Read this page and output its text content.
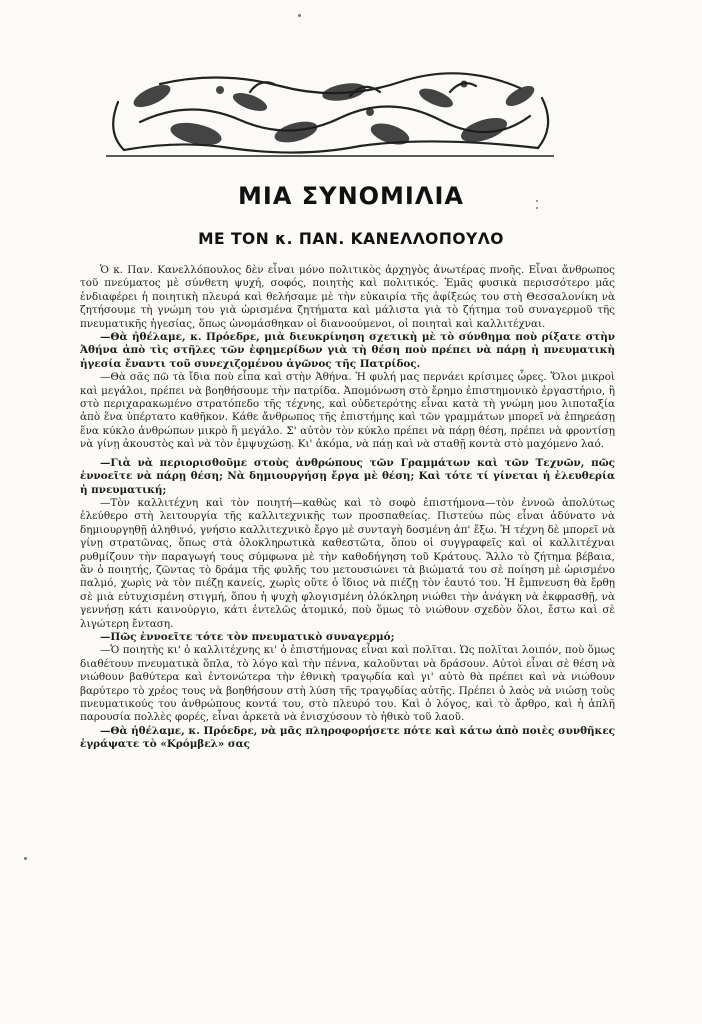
ΜΙΑ ΣΥΝΟΜΙΛΙΑ
ΜΕ ΤΟΝ κ. ΠΑΝ. ΚΑΝΕΛΛΟΠΟΥΛΟ

Ὁ κ. Παν. Κανελλόπουλος δὲν εἶναι μόνο πολιτικὸς ἀρχηγὸς ἀνωτέρας πνοῆς. Εἶναι ἄνθρωπος τοῦ πνεύματος μὲ σύνθετη ψυχή, σοφός, ποιητὴς καὶ πολιτικός. Ἐμᾶς φυσικὰ περισσότερο μᾶς ἐνδιαφέρει ἡ ποιητικὴ πλευρά καὶ θελήσαμε μὲ τὴν εὐκαιρία τῆς ἀφίξεώς του στὴ Θεσσαλονίκη νὰ ζητήσουμε τὴ γνώμη του γιὰ ὡρισμένα ζητήματα καὶ μάλιστα γιὰ τὸ ζήτημα τοῦ συναγερμοῦ τῆς πνευματικῆς ἡγεσίας, ὅπως ὠνομάσθηκαν οἱ διανοούμενοι, οἱ ποιηταὶ καὶ καλλιτέχναι.

—Θὰ ἠθέλαμε, κ. Πρόεδρε, μιὰ διευκρίνηση σχετικὴ μὲ τὸ σύνθημα ποὺ ρίξατε στὴν Ἀθήνα ἀπὸ τὶς στῆλες τῶν ἐφημερίδων γιὰ τὴ θέση ποὺ πρέπει νὰ πάρῃ ἡ πνευματικὴ ἡγεσία ἔναντι τοῦ συνεχιζομένου ἀγῶνος τῆς Πατρίδος.

—Θὰ σᾶς πῶ τὰ ἴδια ποὺ εἶπα καὶ στὴν Ἀθήνα. Ἡ φυλή μας περνάει κρίσιμες ὧρες. Ὅλοι μικροὶ καὶ μεγάλοι, πρέπει νὰ βοηθήσουμε τὴν πατρίδα. Ἀπομόνωση στὸ ἔρημο ἐπιστημονικὸ ἐργαστήριο, ἢ στὸ περιχαρακωμένο στρατόπεδο τῆς τέχνης, καὶ οὐδετερότης εἶναι κατὰ τὴ γνώμη μου λιποταξία ἀπὸ ἕνα ὑπέρτατο καθῆκον. Κάθε ἄνθρωπος τῆς ἐπιστήμης καὶ τῶν γραμμάτων μπορεῖ νὰ ἐπηρεάσῃ ἕνα κύκλο ἀνθρώπων μικρὸ ἢ μεγάλο. Σ' αὐτὸν τὸν κύκλο πρέπει νὰ πάρῃ θέση, πρέπει νὰ φροντίσῃ νὰ γίνῃ ἀκουστὸς καὶ νὰ τὸν ἐμψυχώσῃ. Κι' ἀκόμα, νὰ πάῃ καὶ νὰ σταθῇ κοντὰ στὸ μαχόμενο λαό.

—Γιὰ νὰ περιορισθοῦμε στοὺς ἀνθρώπους τῶν Γραμμάτων καὶ τῶν Τεχνῶν, πῶς ἐννοεῖτε νὰ πάρῃ θέση; Νὰ δημιουργήσῃ ἔργα μὲ θέση; Καὶ τότε τί γίνεται ἡ ἐλευθερία ἡ πνευματική;

—Τὸν καλλιτέχνη καὶ τὸν ποιητή—καθὼς καὶ τὸ σοφὸ ἐπιστήμονα—τὸν ἐννοῶ ἀπολύτως ἐλεύθερο στὴ λειτουργία τῆς καλλιτεχνικῆς των προσπαθείας. Πιστεύω πὼς εἶναι ἀδύνατο νὰ δημιουργηθῇ ἀληθινό, γνήσιο καλλιτεχνικὸ ἔργο μὲ συνταγὴ δοσμένη ἀπ' ἔξω. Ἡ τέχνη δὲ μπορεῖ νὰ γίνῃ στρατῶνας, ὅπως στὰ ὁλοκληρωτικὰ καθεστῶτα, ὅπου οἱ συγγραφεῖς καὶ οἱ καλλιτέχναι ρυθμίζουν τὴν παραγωγή τους σύμφωνα μὲ τὴν καθοδήγηση τοῦ Κράτους. Ἄλλο τὸ ζήτημα βέβαια, ἂν ὁ ποιητής, ζῶντας τὸ δράμα τῆς φυλῆς του μετουσιώνει τὰ βιώματά του σὲ ποίηση μὲ ὡρισμένο παλμό, χωρὶς νὰ τὸν πιέζῃ κανείς, χωρὶς οὔτε ὁ ἴδιος νὰ πιέζῃ τὸν ἑαυτό του. Ἡ ἔμπνευση θὰ ἔρθῃ σὲ μιὰ εὐτυχισμένη στιγμή, ὅπου ἡ ψυχὴ φλογισμένη ὁλόκληρη νιώθει τὴν ἀνάγκη νὰ ἐκφρασθῇ, νὰ γεννήσῃ κάτι καινούργιο, κάτι ἐντελῶς ἀτομικό, ποὺ ὅμως τὸ νιώθουν σχεδὸν ὅλοι, ἔστω καὶ σὲ λιγώτερη ἔνταση.

—Πῶς ἐννοεῖτε τότε τὸν πνευματικὸ συναγερμό;

—Ὁ ποιητὴς κι' ὁ καλλιτέχνης κι' ὁ ἐπιστήμονας εἶναι καὶ πολῖται. Ὡς πολῖται λοιπόν, ποὺ ὅμως διαθέτουν πνευματικὰ ὅπλα, τὸ λόγο καὶ τὴν πέννα, καλοῦνται νὰ δράσουν. Αὐτοὶ εἶναι σὲ θέση νὰ νιώθουν βαθύτερα καὶ ἐντονώτερα τὴν ἐθνικὴ τραγῳδία καὶ γι' αὐτὸ θὰ πρέπει καὶ νὰ νιώθουν βαρύτερο τὸ χρέος τους νὰ βοηθήσουν στὴ λύση τῆς τραγῳδίας αὐτῆς. Πρέπει ὁ λαὸς νὰ νιώσῃ τοὺς πνευματικούς του ἀνθρώπους κοντά του, στὸ πλευρό του. Καὶ ὁ λόγος, καὶ τὸ ἄρθρο, καὶ ἡ ἁπλῆ παρουσία πολλὲς φορές, εἶναι ἀρκετὰ νὰ ἐνισχύσουν τὸ ἠθικὸ τοῦ λαοῦ.

—Θὰ ἠθέλαμε, κ. Πρόεδρε, νὰ μᾶς πληροφορήσετε πότε καὶ κάτω ἀπὸ ποιὲς συνθῆκες ἐγράψατε τὸ «Κρόμβελ» σας
